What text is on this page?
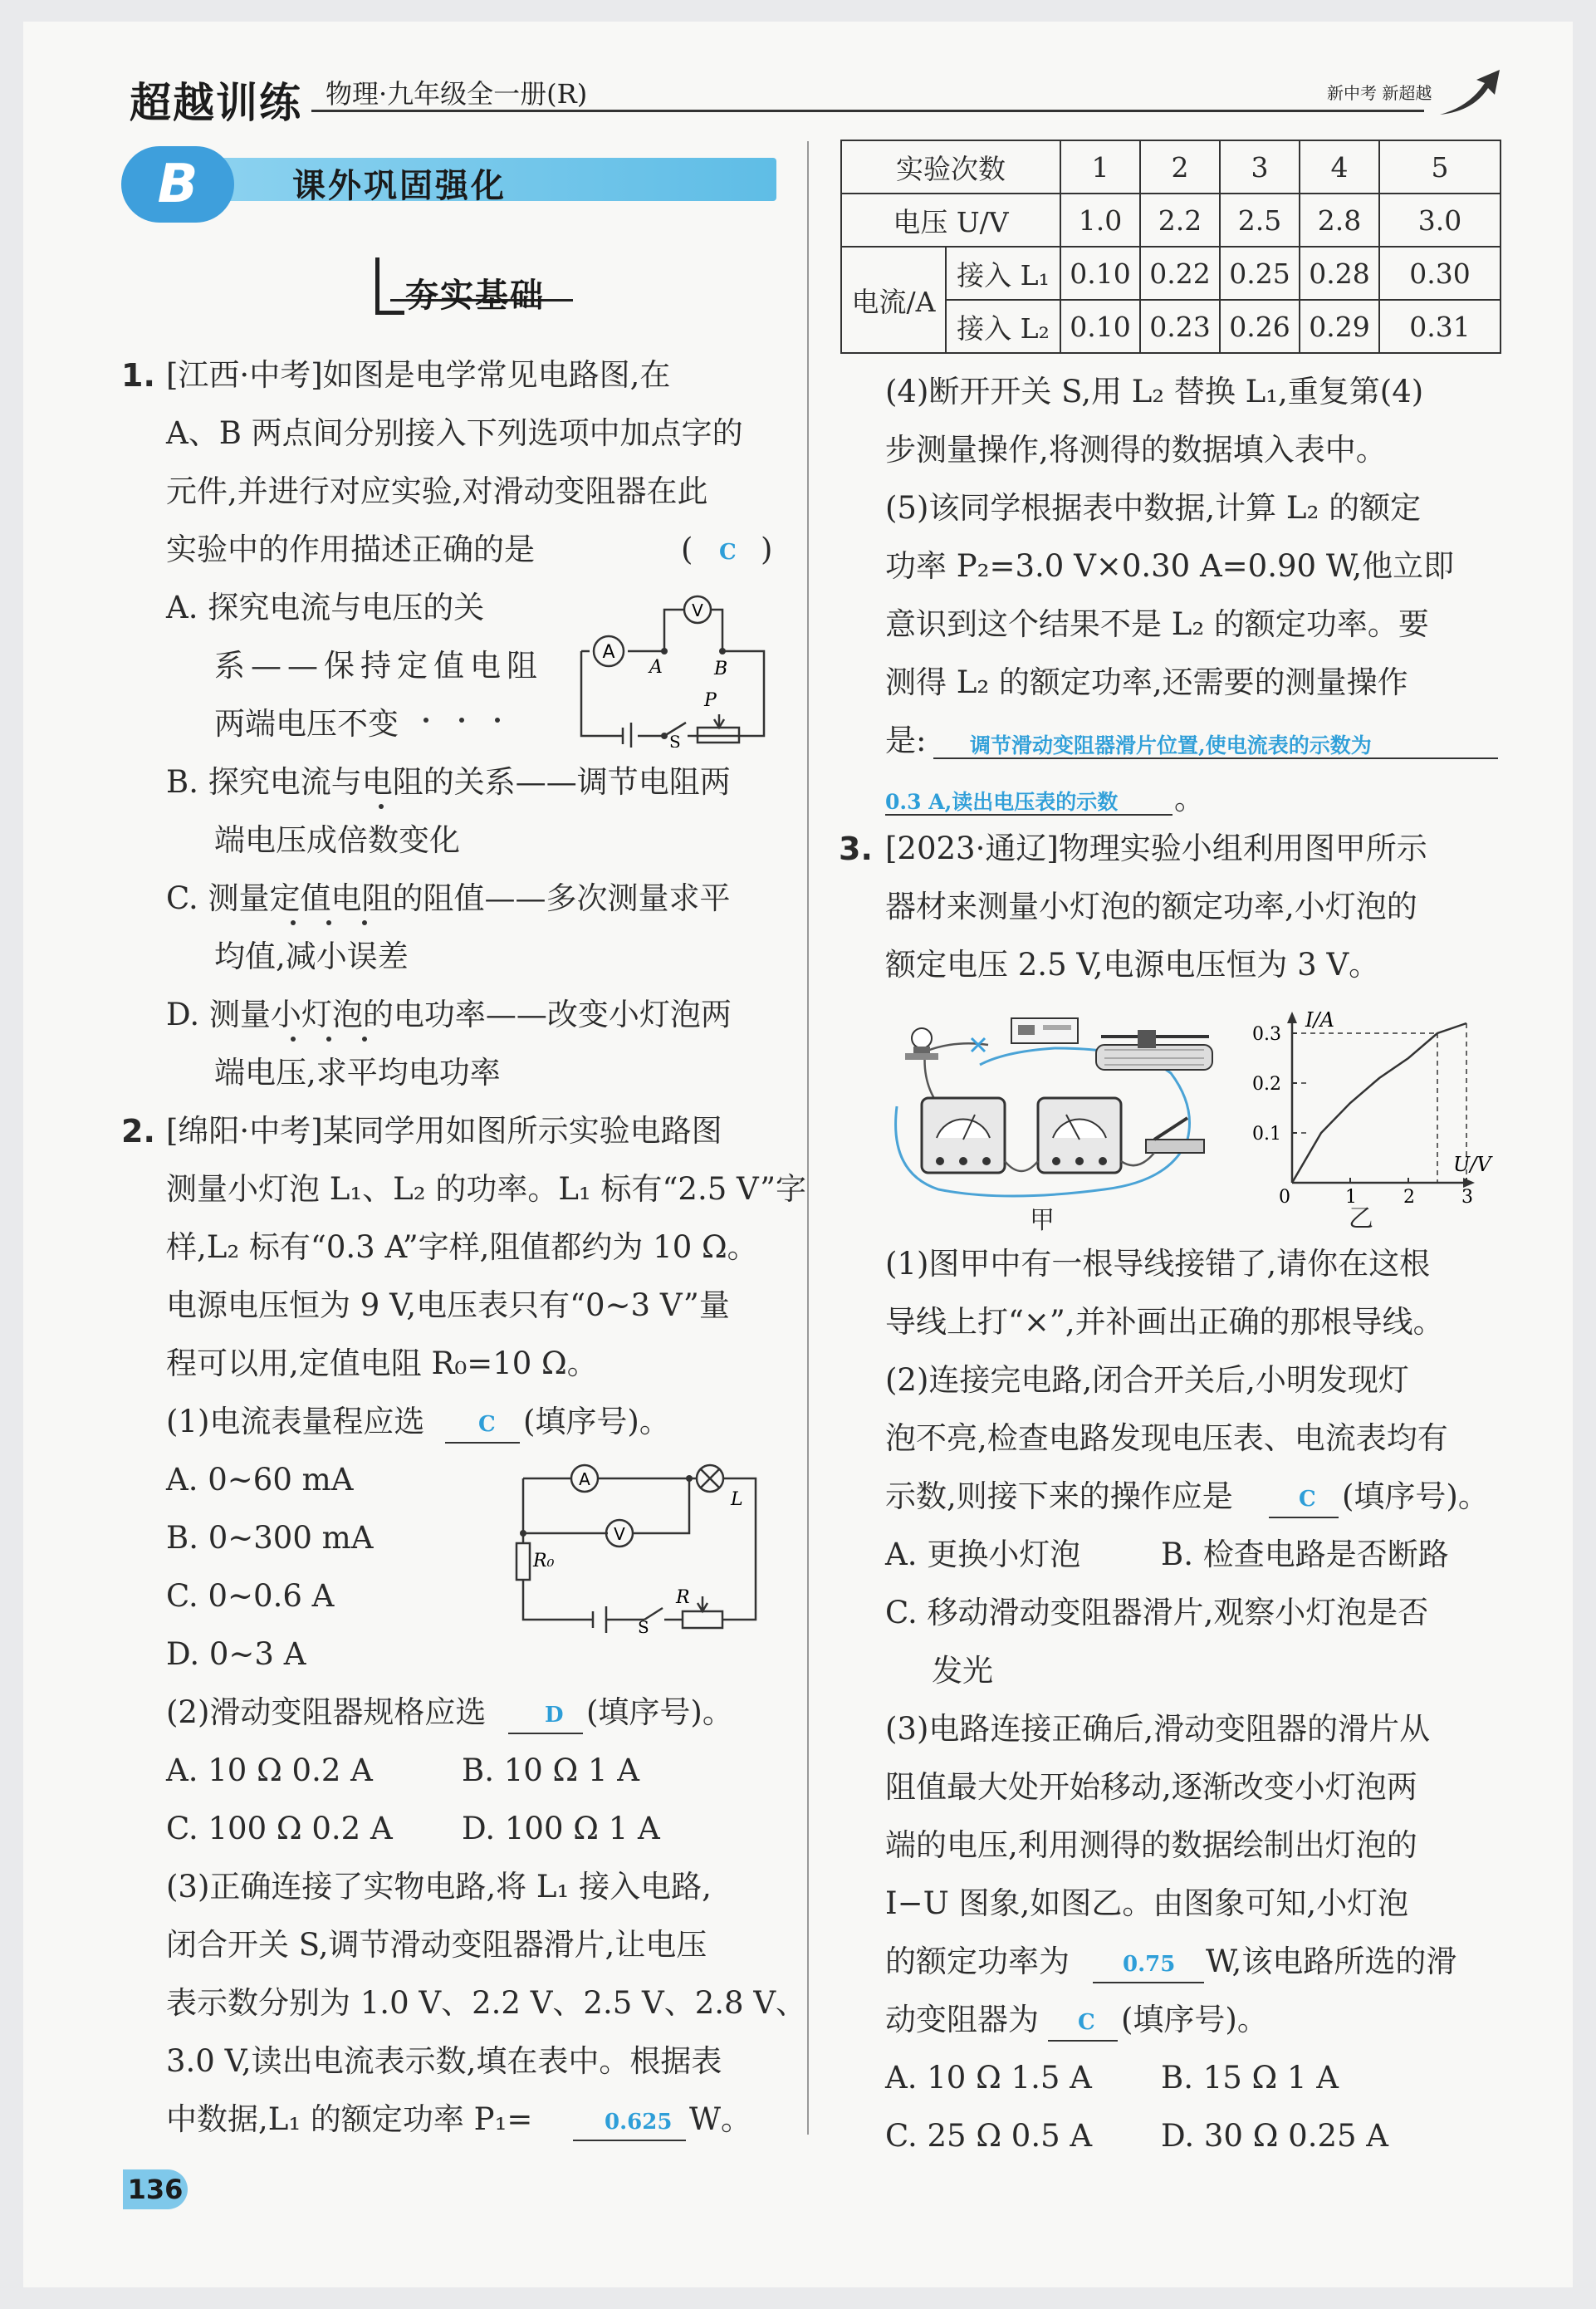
超越训练 物理·九年级全一册(R)	新中考 新超越
B	课外巩固强化
夯实基础
1. [江西·中考]如图是电学常见电路图,在
A、B 两点间分别接入下列选项中加点字的
元件,并进行对应实验,对滑动变阻器在此
实验中的作用描述正确的是	( C )
A. 探究电流与电压的关
系——保持定值电阻
两端电压不变
B. 探究电流与电阻的关系——调节电阻两
端电压成倍数变化
C. 测量定值电阻的阻值——多次测量求平
均值,减小误差
D. 测量小灯泡的电功率——改变小灯泡两
端电压,求平均电功率
A
V
A	B
P
S
2. [绵阳·中考]某同学用如图所示实验电路图
测量小灯泡 L₁、L₂ 的功率。L₁ 标有“2.5 V”字
样,L₂ 标有“0.3 A”字样,阻值都约为 10 Ω。
电源电压恒为 9 V,电压表只有“0~3 V”量
程可以用,定值电阻 R₀=10 Ω。
(1)电流表量程应选 C (填序号)。
A. 0~60 mA
B. 0~300 mA
C. 0~0.6 A
D. 0~3 A
A
V
L
R₀
R
S
(2)滑动变阻器规格应选	D (填序号)。
A. 10 Ω 0.2 A	B. 10 Ω 1 A
C. 100 Ω 0.2 A D. 100 Ω 1 A
(3)正确连接了实物电路,将 L₁ 接入电路,
闭合开关 S,调节滑动变阻器滑片,让电压
表示数分别为 1.0 V、2.2 V、2.5 V、2.8 V、
3.0 V,读出电流表示数,填在表中。根据表
中数据,L₁ 的额定功率 P₁=	0.625 W。
实验次数		1	2	3	4	5
电压 U/V		1.0	2.2	2.5	2.8	3.0
电流/A	接入 L₁	0.10	0.22	0.25	0.28	0.30
	接入 L₂	0.10	0.23	0.26	0.29	0.31
(4)断开开关 S,用 L₂ 替换 L₁,重复第(4)
步测量操作,将测得的数据填入表中。
(5)该同学根据表中数据,计算 L₂ 的额定
功率 P₂=3.0 V×0.30 A=0.90 W,他立即
意识到这个结果不是 L₂ 的额定功率。要
测得 L₂ 的额定功率,还需要的测量操作
是: 调节滑动变阻器滑片位置,使电流表的示数为
0.3 A,读出电压表的示数 。
3. [2023·通辽]物理实验小组利用图甲所示
器材来测量小灯泡的额定功率,小灯泡的
额定电压 2.5 V,电源电压恒为 3 V。
甲
1	2	3
0.1
0.2
0.3
I/A
U/V
0
乙
(1)图甲中有一根导线接错了,请你在这根
导线上打“×”,并补画出正确的那根导线。
(2)连接完电路,闭合开关后,小明发现灯
泡不亮,检查电路发现电压表、电流表均有
示数,则接下来的操作应是	C (填序号)。
A. 更换小灯泡	B. 检查电路是否断路
C. 移动滑动变阻器滑片,观察小灯泡是否
发光
(3)电路连接正确后,滑动变阻器的滑片从
阻值最大处开始移动,逐渐改变小灯泡两
端的电压,利用测得的数据绘制出灯泡的
I−U 图象,如图乙。由图象可知,小灯泡
的额定功率为 0.75 W,该电路所选的滑
动变阻器为 C (填序号)。
A. 10 Ω 1.5 A B. 15 Ω 1 A
C. 25 Ω 0.5 A D. 30 Ω 0.25 A
136
